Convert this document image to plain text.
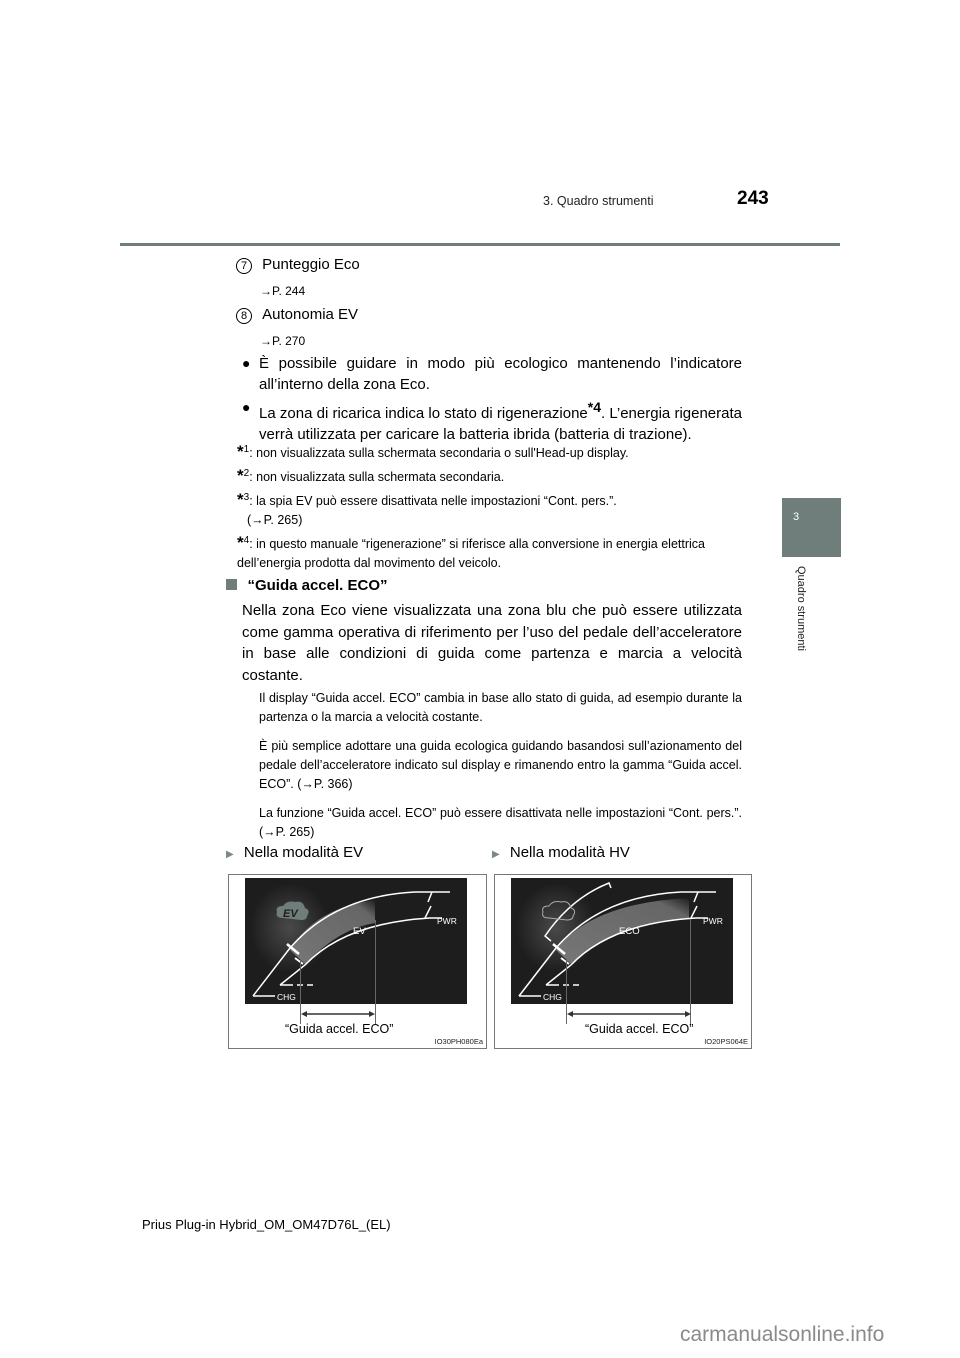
3. Quadro strumenti	243
3
Quadro strumenti
7 Punteggio Eco
→P. 244
8 Autonomia EV
→P. 270
● È possibile guidare in modo più ecologico mantenendo l’indicatore all’interno della zona Eco.
● La zona di ricarica indica lo stato di rigenerazione*4. L’energia rigenerata verrà utilizzata per caricare la batteria ibrida (batteria di trazione).
*$^1$: non visualizzata sulla schermata secondaria o sull'Head-up display.
*$^2$: non visualizzata sulla schermata secondaria.
*$^3$: la spia EV può essere disattivata nelle impostazioni “Cont. pers.”.
(→P. 265)
*$^4$: in questo manuale “rigenerazione” si riferisce alla conversione in energia elettrica dell’energia prodotta dal movimento del veicolo.
“Guida accel. ECO”
Nella zona Eco viene visualizzata una zona blu che può essere utilizzata come gamma operativa di riferimento per l’uso del pedale dell’acceleratore in base alle condizioni di guida come partenza e marcia a velocità costante.
Il display “Guida accel. ECO” cambia in base allo stato di guida, ad esempio durante la partenza o la marcia a velocità costante.
È più semplice adottare una guida ecologica guidando basandosi sull’azionamento del pedale dell’acceleratore indicato sul display e rimanendo entro la gamma “Guida accel. ECO”. (→P. 366)
La funzione “Guida accel. ECO” può essere disattivata nelle impostazioni “Cont. pers.”. (→P. 265)
▶ Nella modalità EV	▶ Nella modalità HV
EV
EV
PWR
CHG
“Guida accel. ECO”
IO30PH080Ea
ECO
PWR
CHG
“Guida accel. ECO”
IO20PS064E
Prius Plug-in Hybrid_OM_OM47D76L_(EL)
carmanualsonline.info
